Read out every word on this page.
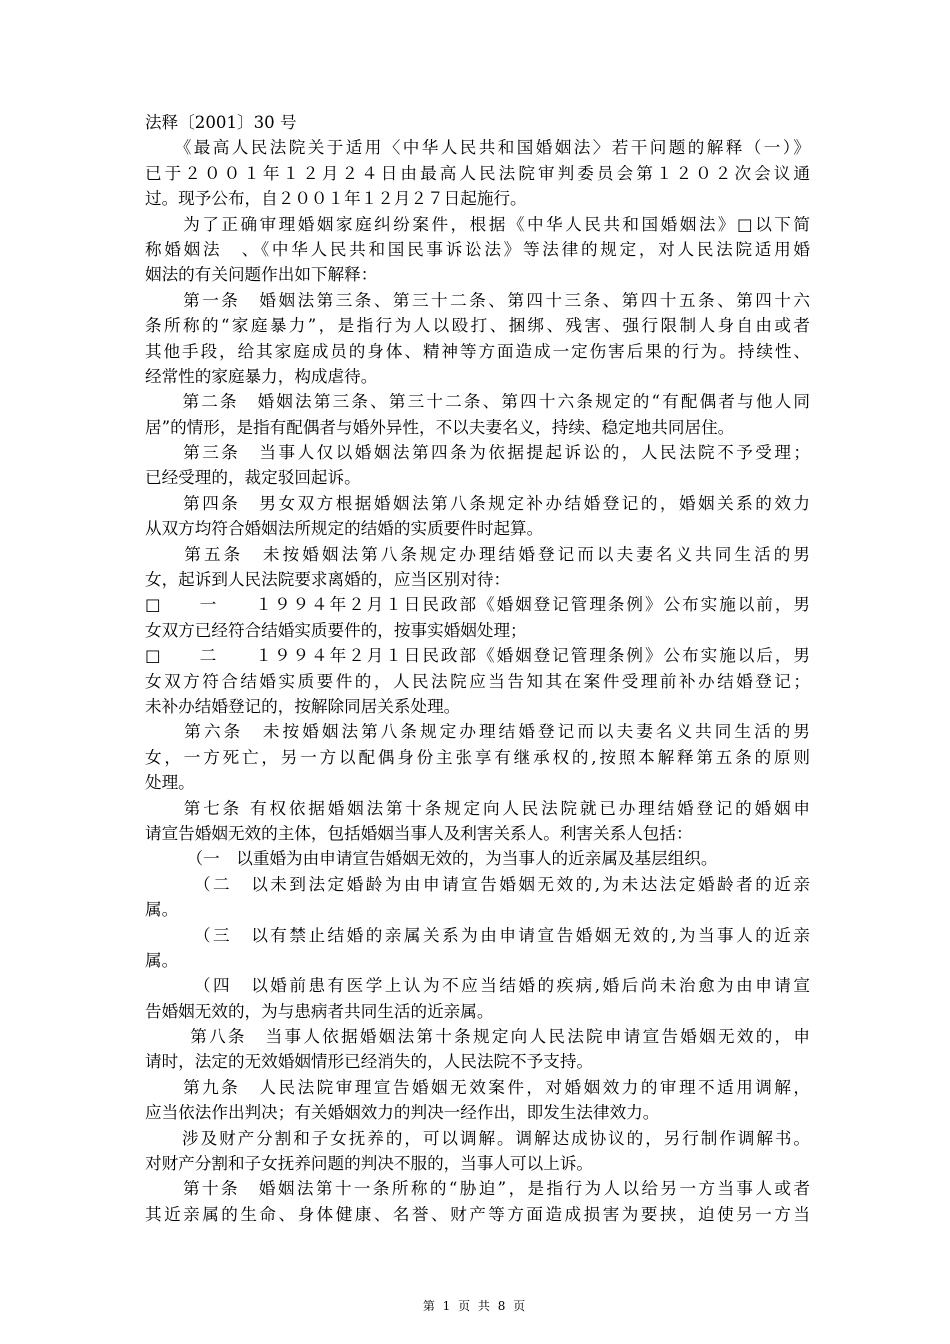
法释〔2001〕30 号
　　《最高人民法院关于适用〈中华人民共和国婚姻法〉若干问题的解释（一）》
已于２００１年１２月２４日由最高人民法院审判委员会第１２０２次会议通
过。现予公布，自２００１年１２月２７日起施行。
　　为了正确审理婚姻家庭纠纷案件，根据《中华人民共和国婚姻法》□以下简
称婚姻法　、《中华人民共和国民事诉讼法》等法律的规定，对人民法院适用婚
姻法的有关问题作出如下解释：
　　第一条　婚姻法第三条、第三十二条、第四十三条、第四十五条、第四十六
条所称的“家庭暴力”，是指行为人以殴打、捆绑、残害、强行限制人身自由或者
其他手段，给其家庭成员的身体、精神等方面造成一定伤害后果的行为。持续性、
经常性的家庭暴力，构成虐待。
　　第二条　婚姻法第三条、第三十二条、第四十六条规定的“有配偶者与他人同
居”的情形，是指有配偶者与婚外异性，不以夫妻名义，持续、稳定地共同居住。
　　第三条　当事人仅以婚姻法第四条为依据提起诉讼的，人民法院不予受理；
已经受理的，裁定驳回起诉。
　　第四条　男女双方根据婚姻法第八条规定补办结婚登记的，婚姻关系的效力
从双方均符合婚姻法所规定的结婚的实质要件时起算。
　　第五条　未按婚姻法第八条规定办理结婚登记而以夫妻名义共同生活的男
女，起诉到人民法院要求离婚的，应当区别对待：
□　　一　　１９９４年２月１日民政部《婚姻登记管理条例》公布实施以前，男
女双方已经符合结婚实质要件的，按事实婚姻处理；
□　　二　　１９９４年２月１日民政部《婚姻登记管理条例》公布实施以后，男
女双方符合结婚实质要件的，人民法院应当告知其在案件受理前补办结婚登记；
未补办结婚登记的，按解除同居关系处理。
　　第六条　未按婚姻法第八条规定办理结婚登记而以夫妻名义共同生活的男
女，一方死亡，另一方以配偶身份主张享有继承权的,按照本解释第五条的原则
处理。
　　第七条 有权依据婚姻法第十条规定向人民法院就已办理结婚登记的婚姻申
请宣告婚姻无效的主体，包括婚姻当事人及利害关系人。利害关系人包括：
　　　（一　以重婚为由申请宣告婚姻无效的，为当事人的近亲属及基层组织。
　　　（二　以未到法定婚龄为由申请宣告婚姻无效的,为未达法定婚龄者的近亲
属。
　　　（三　以有禁止结婚的亲属关系为由申请宣告婚姻无效的,为当事人的近亲
属。
　　　（四　以婚前患有医学上认为不应当结婚的疾病,婚后尚未治愈为由申请宣
告婚姻无效的，为与患病者共同生活的近亲属。
　　 第八条　当事人依据婚姻法第十条规定向人民法院申请宣告婚姻无效的，申
请时，法定的无效婚姻情形已经消失的，人民法院不予支持。
　　第九条　人民法院审理宣告婚姻无效案件，对婚姻效力的审理不适用调解，
应当依法作出判决；有关婚姻效力的判决一经作出，即发生法律效力。
　　涉及财产分割和子女抚养的，可以调解。调解达成协议的，另行制作调解书。
对财产分割和子女抚养问题的判决不服的，当事人可以上诉。
　　第十条　婚姻法第十一条所称的“胁迫”，是指行为人以给另一方当事人或者
其近亲属的生命、身体健康、名誉、财产等方面造成损害为要挟，迫使另一方当
第 1 页 共 8 页
